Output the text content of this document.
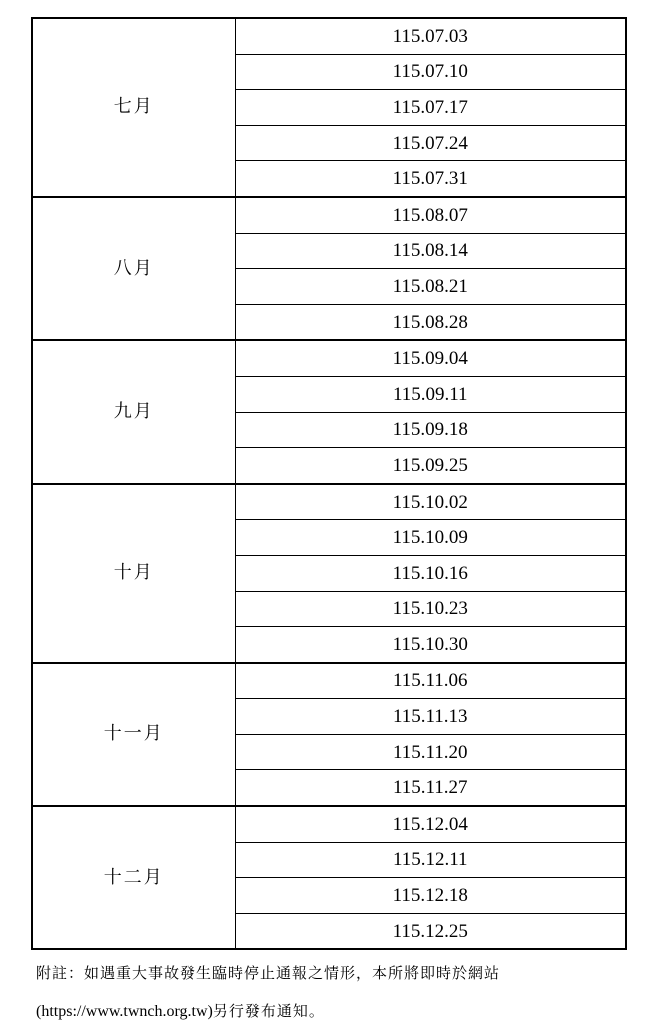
七月	115.07.03
	115.07.10
	115.07.17
	115.07.24
	115.07.31
八月	115.08.07
	115.08.14
	115.08.21
	115.08.28
九月	115.09.04
	115.09.11
	115.09.18
	115.09.25
十月	115.10.02
	115.10.09
	115.10.16
	115.10.23
	115.10.30
十一月	115.11.06
	115.11.13
	115.11.20
	115.11.27
十二月	115.12.04
	115.12.11
	115.12.18
	115.12.25
附註：如遇重大事故發生臨時停止通報之情形，本所將即時於網站
(https://www.twnch.org.tw)另行發布通知。
